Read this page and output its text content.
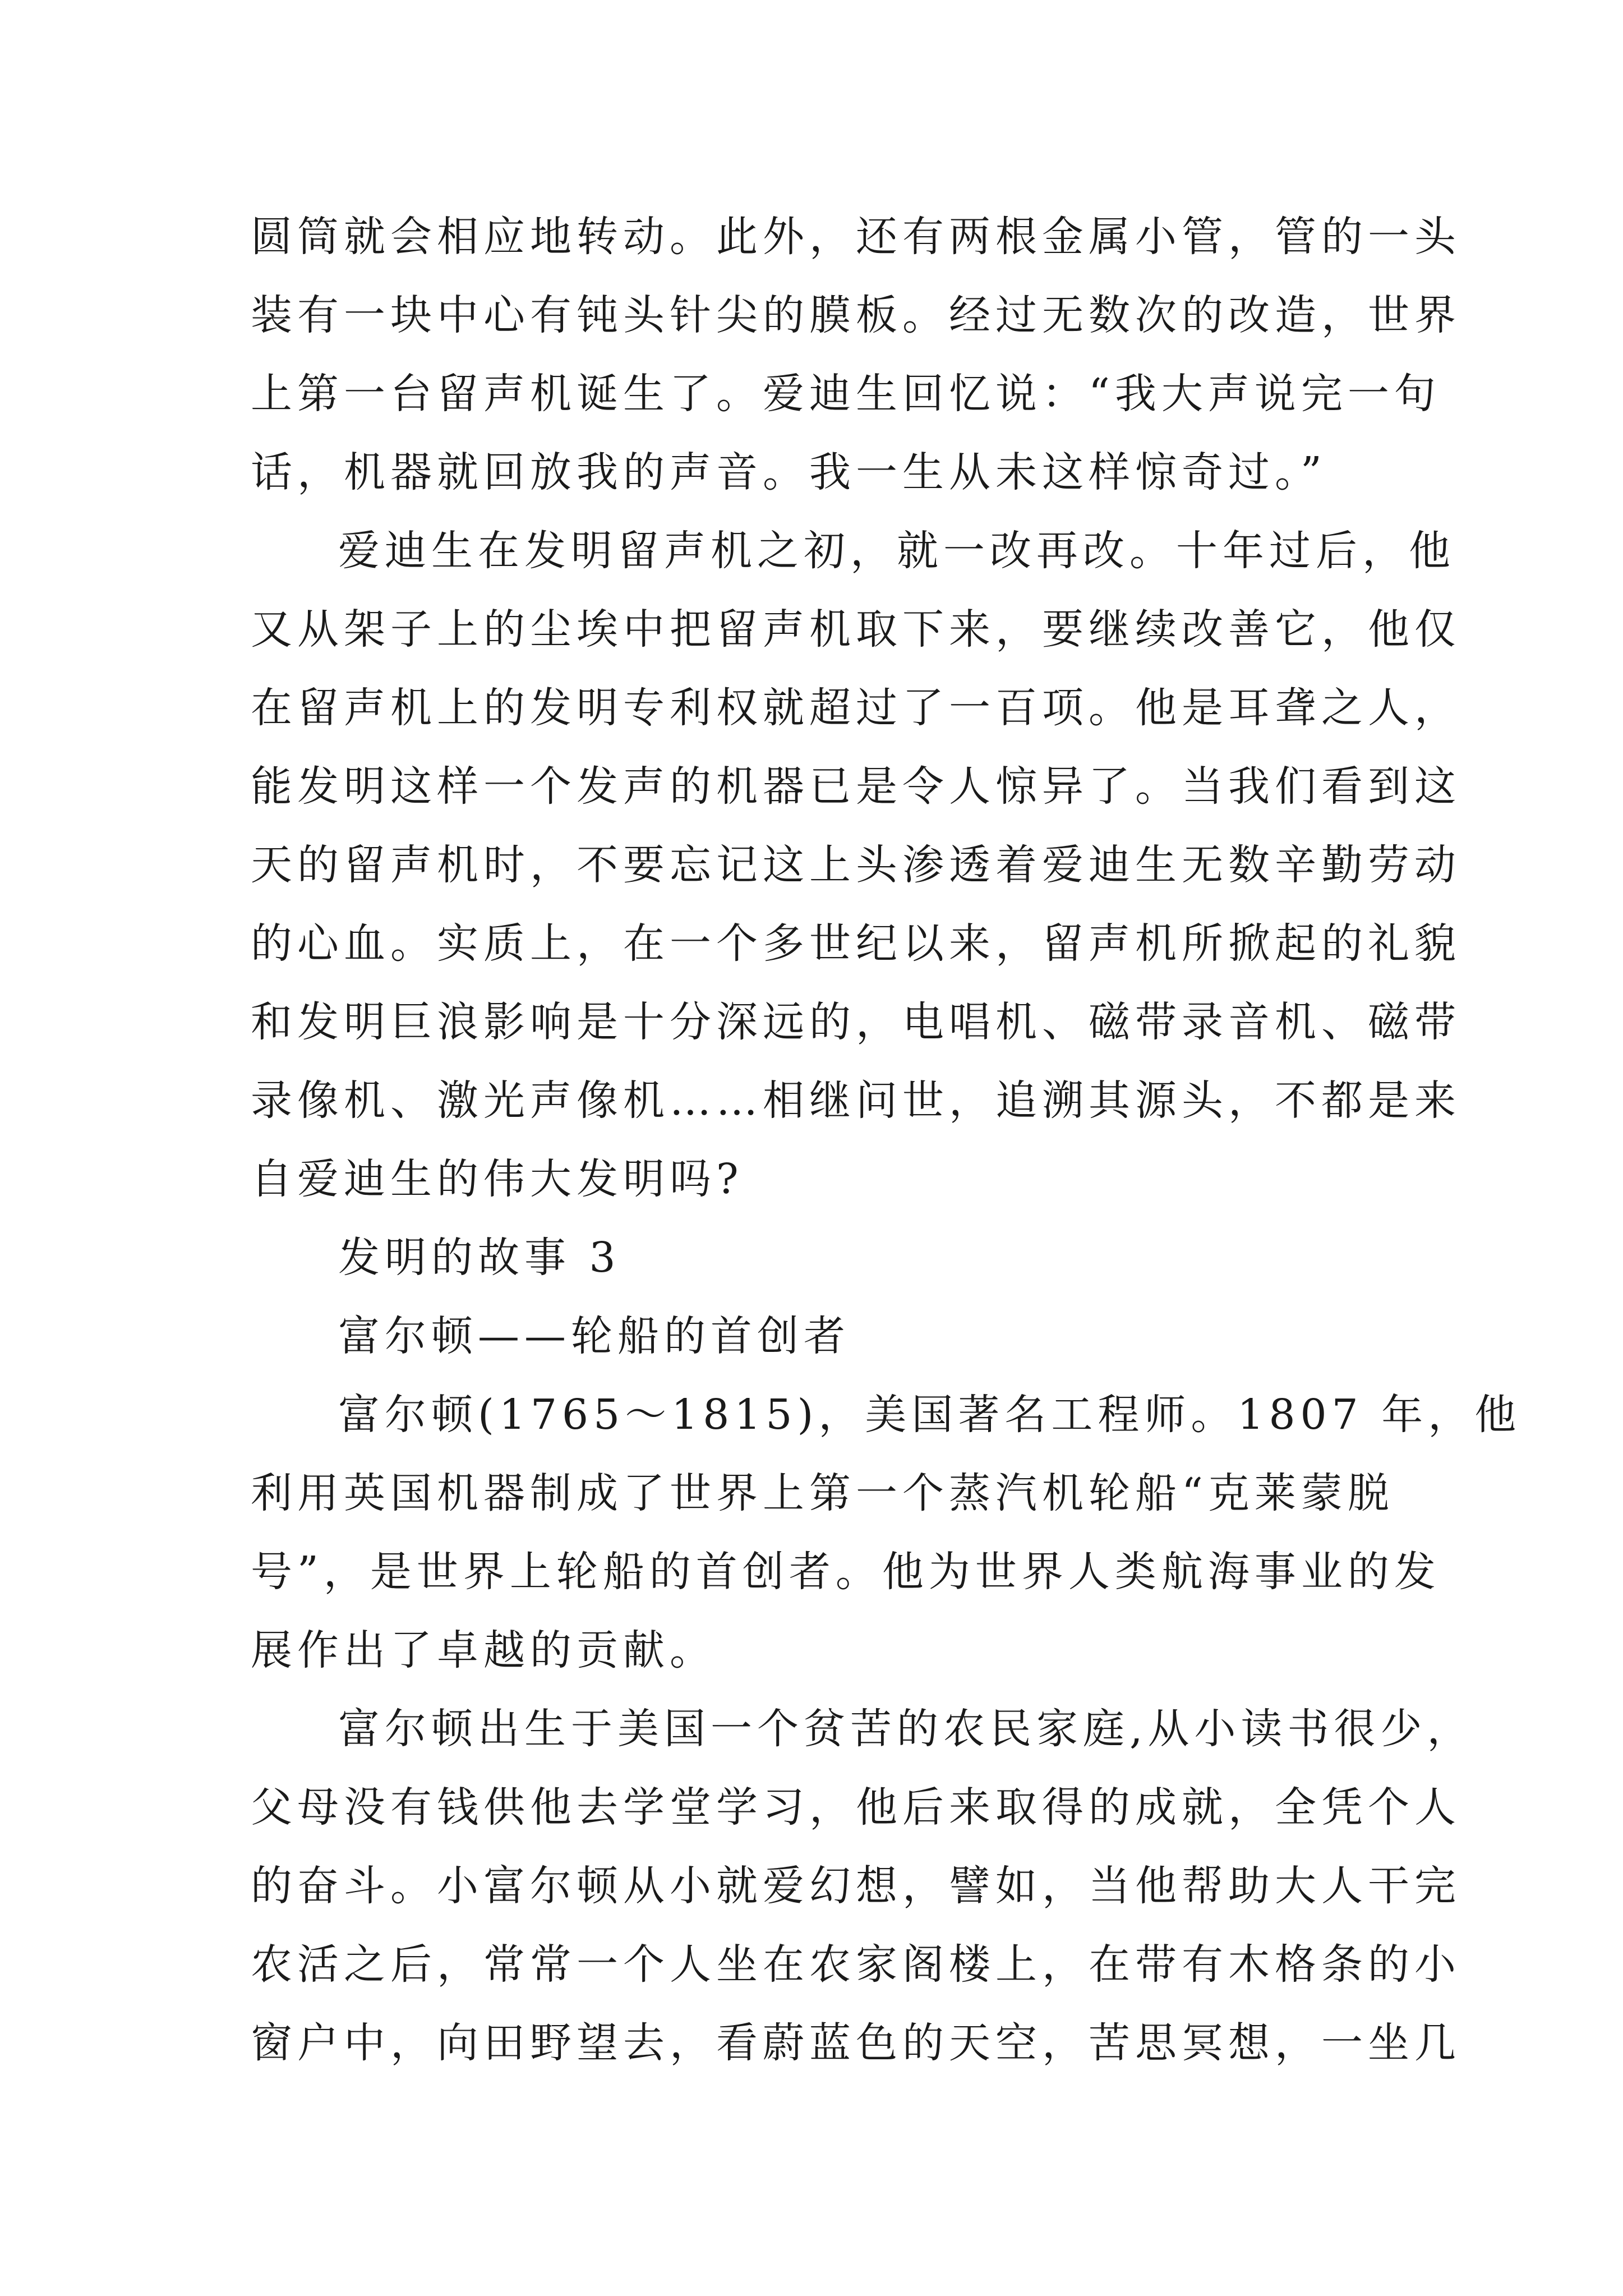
圆筒就会相应地转动。此外，还有两根金属小管，管的一头
装有一块中心有钝头针尖的膜板。经过无数次的改造，世界
上第一台留声机诞生了。爱迪生回忆说：“我大声说完一句
话，机器就回放我的声音。我一生从未这样惊奇过。”
爱迪生在发明留声机之初，就一改再改。十年过后，他
又从架子上的尘埃中把留声机取下来，要继续改善它，他仅
在留声机上的发明专利权就超过了一百项。他是耳聋之人，
能发明这样一个发声的机器已是令人惊异了。当我们看到这
天的留声机时，不要忘记这上头渗透着爱迪生无数辛勤劳动
的心血。实质上，在一个多世纪以来，留声机所掀起的礼貌
和发明巨浪影响是十分深远的，电唱机、磁带录音机、磁带
录像机、激光声像机……相继问世，追溯其源头，不都是来
自爱迪生的伟大发明吗?
发明的故事 3
富尔顿——轮船的首创者
富尔顿(1765～1815)，美国著名工程师。1807 年，他
利用英国机器制成了世界上第一个蒸汽机轮船“克莱蒙脱
号”，是世界上轮船的首创者。他为世界人类航海事业的发
展作出了卓越的贡献。
富尔顿出生于美国一个贫苦的农民家庭,从小读书很少，
父母没有钱供他去学堂学习，他后来取得的成就，全凭个人
的奋斗。小富尔顿从小就爱幻想，譬如，当他帮助大人干完
农活之后，常常一个人坐在农家阁楼上，在带有木格条的小
窗户中，向田野望去，看蔚蓝色的天空，苦思冥想，一坐几
